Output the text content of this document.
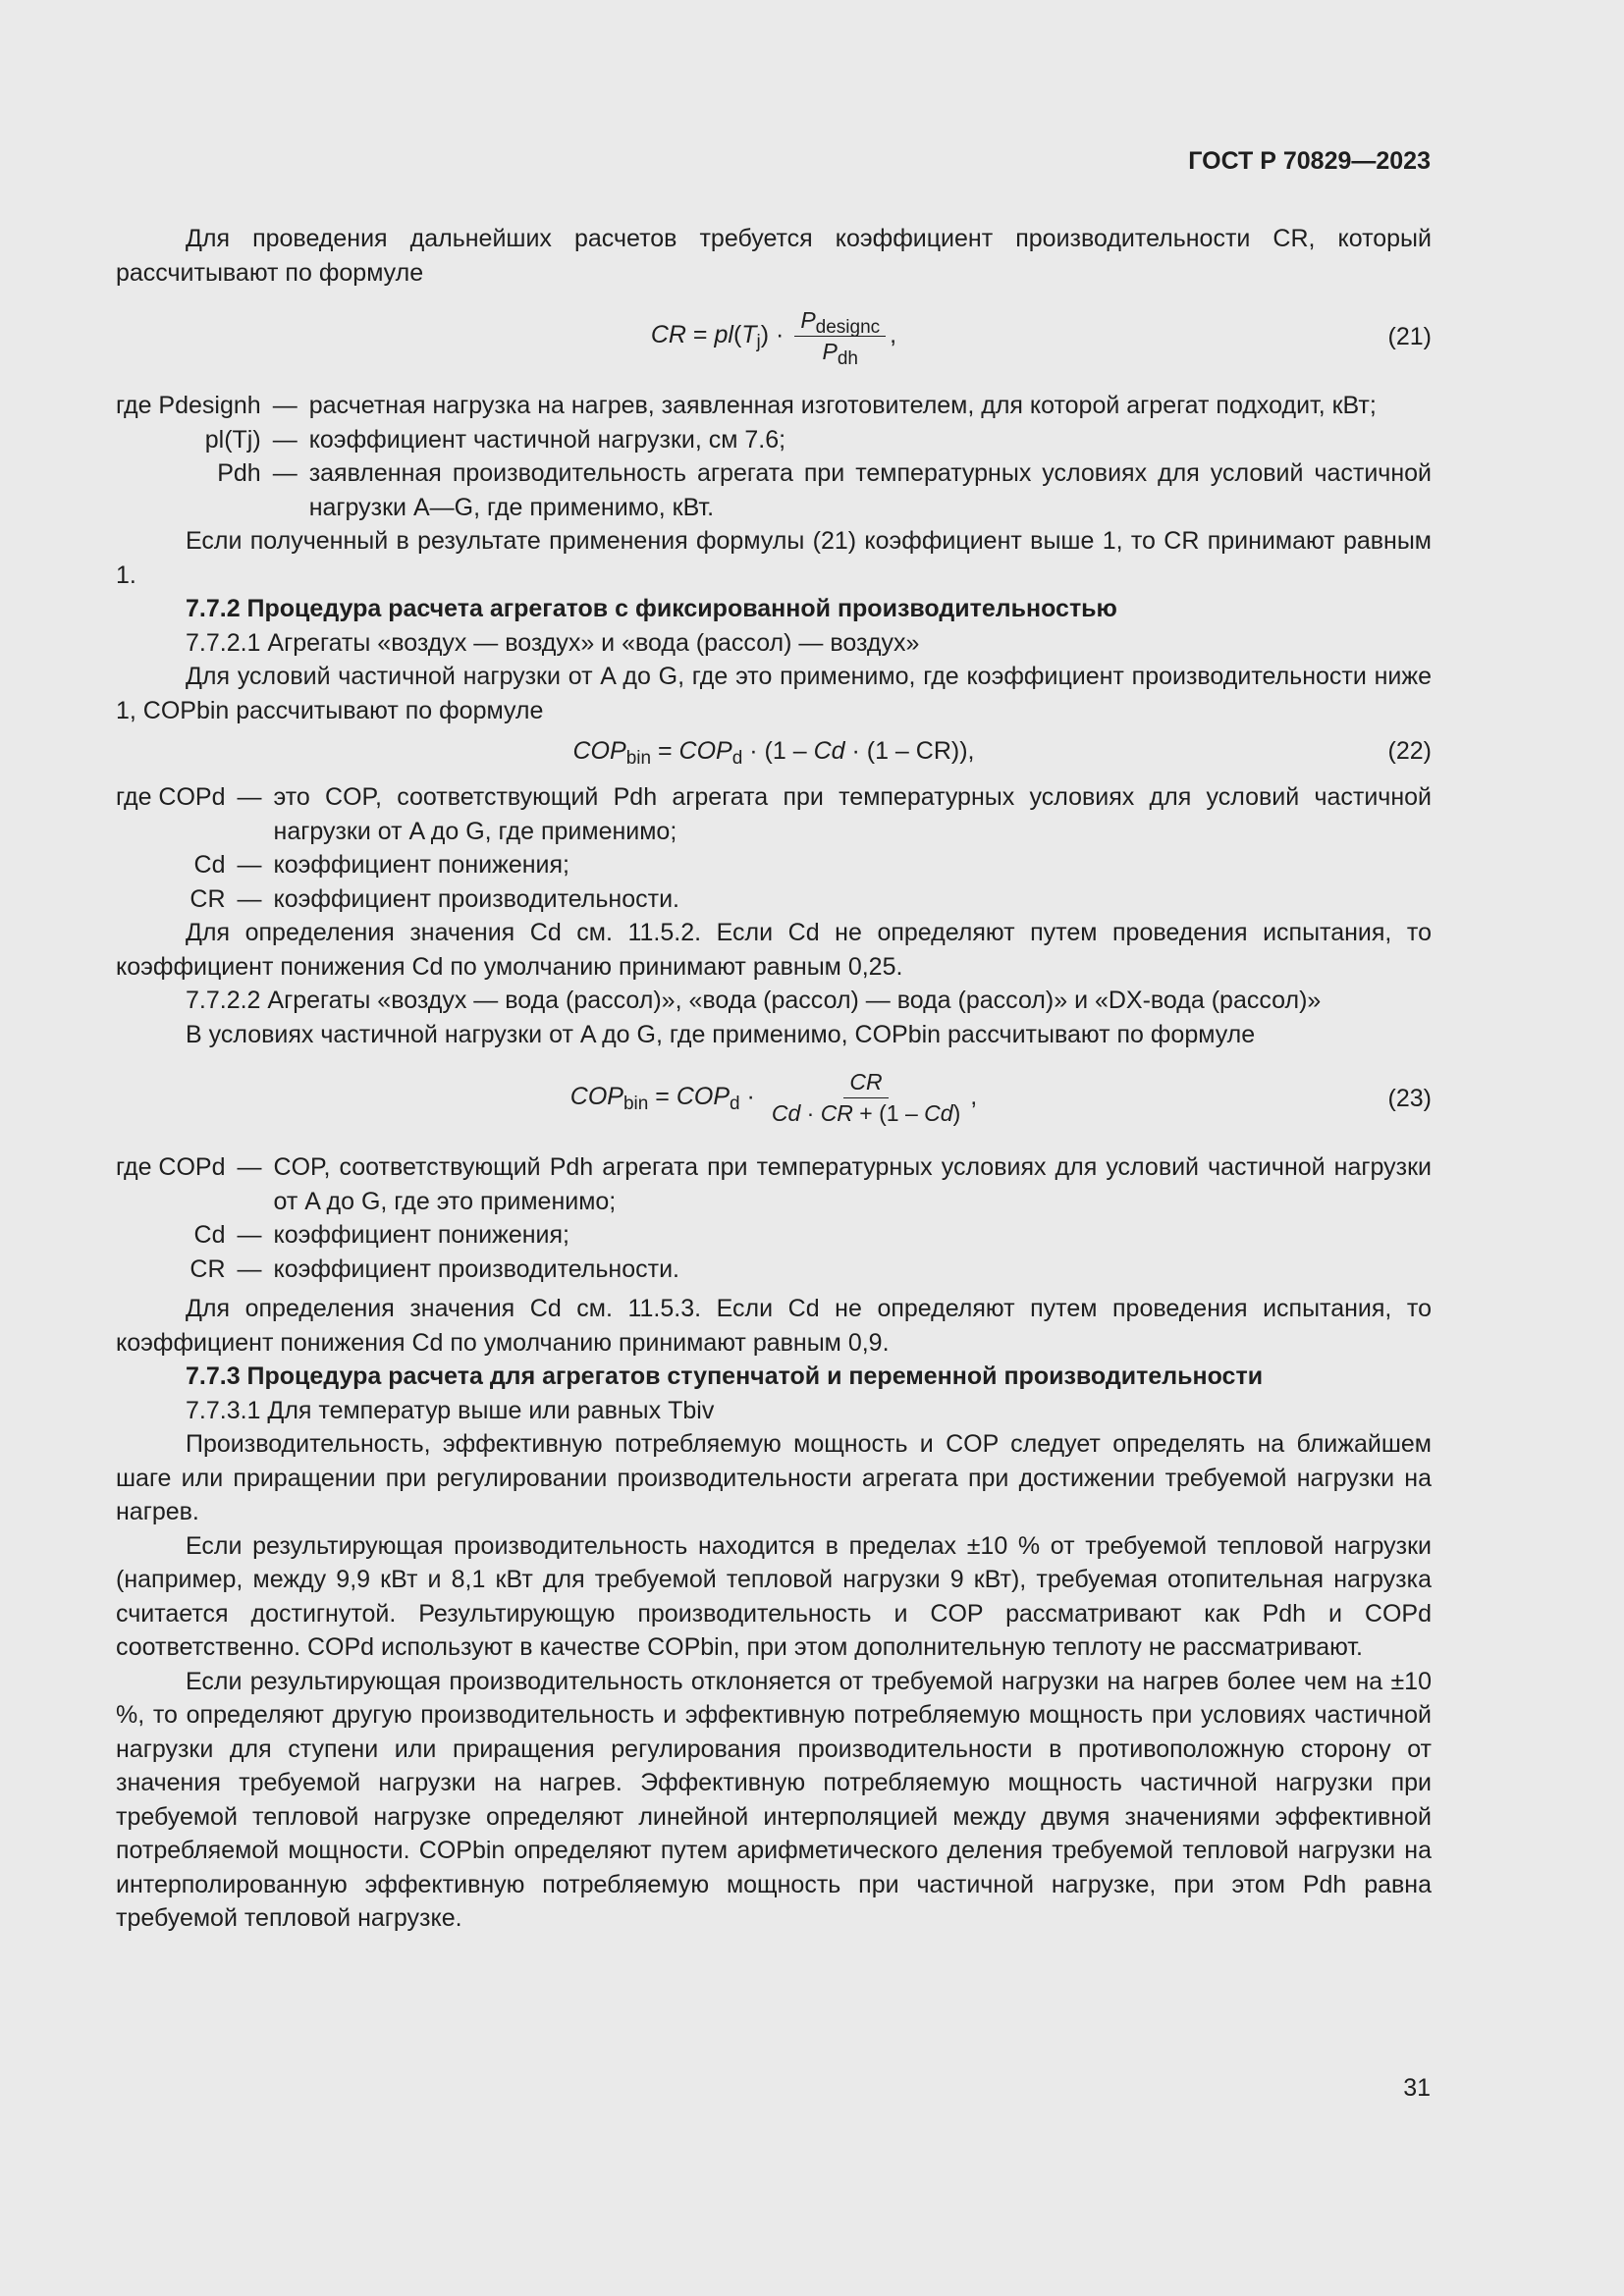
ГОСТ Р 70829—2023

Для проведения дальнейших расчетов требуется коэффициент производительности CR, который рассчитывают по формуле

CR = $pl(T_j) \cdot \frac{P_{designc}}{P_{dh}}$ ,	(21)
где Pdesignh	—	расчетная нагрузка на нагрев, заявленная изготовителем, для которой агрегат подходит, кВт;
pl(Tj)	—	коэффициент частичной нагрузки, см 7.6;
Pdh	—	заявленная производительность агрегата при температурных условиях для условий частичной нагрузки A—G, где применимо, кВт.

Если полученный в результате применения формулы (21) коэффициент выше 1, то CR принимают равным 1.

7.7.2 Процедура расчета агрегатов с фиксированной производительностью

7.7.2.1 Агрегаты «воздух — воздух» и «вода (рассол) — воздух»

Для условий частичной нагрузки от A до G, где это применимо, где коэффициент производительности ниже 1, COPbin рассчитывают по формуле

$COP_{bin} = COP_d \cdot (1 - Cd \cdot (1 - CR))$,	(22)
где COPd	—	это COP, соответствующий Pdh агрегата при температурных условиях для условий частичной нагрузки от A до G, где применимо;
Cd	—	коэффициент понижения;
CR	—	коэффициент производительности.

Для определения значения Cd см. 11.5.2. Если Cd не определяют путем проведения испытания, то коэффициент понижения Cd по умолчанию принимают равным 0,25.

7.7.2.2 Агрегаты «воздух — вода (рассол)», «вода (рассол) — вода (рассол)» и «DX-вода (рассол)»

В условиях частичной нагрузки от A до G, где применимо, COPbin рассчитывают по формуле

$COP_{bin} = COP_d \cdot \frac{CR}{Cd \cdot CR + (1 - Cd)}$ ,	(23)
где COPd	—	COP, соответствующий Pdh агрегата при температурных условиях для условий частичной нагрузки от A до G, где это применимо;
Cd	—	коэффициент понижения;
CR	—	коэффициент производительности.

Для определения значения Cd см. 11.5.3. Если Cd не определяют путем проведения испытания, то коэффициент понижения Cd по умолчанию принимают равным 0,9.

7.7.3 Процедура расчета для агрегатов ступенчатой и переменной производительности

7.7.3.1 Для температур выше или равных Tbiv

Производительность, эффективную потребляемую мощность и COP следует определять на ближайшем шаге или приращении при регулировании производительности агрегата при достижении требуемой нагрузки на нагрев.

Если результирующая производительность находится в пределах ±10 % от требуемой тепловой нагрузки (например, между 9,9 кВт и 8,1 кВт для требуемой тепловой нагрузки 9 кВт), требуемая отопительная нагрузка считается достигнутой. Результирующую производительность и COP рассматривают как Pdh и COPd соответственно. COPd используют в качестве COPbin, при этом дополнительную теплоту не рассматривают.

Если результирующая производительность отклоняется от требуемой нагрузки на нагрев более чем на ±10 %, то определяют другую производительность и эффективную потребляемую мощность при условиях частичной нагрузки для ступени или приращения регулирования производительности в противоположную сторону от значения требуемой нагрузки на нагрев. Эффективную потребляемую мощность частичной нагрузки при требуемой тепловой нагрузке определяют линейной интерполяцией между двумя значениями эффективной потребляемой мощности. COPbin определяют путем арифметического деления требуемой тепловой нагрузки на интерполированную эффективную потребляемую мощность при частичной нагрузке, при этом Pdh равна требуемой тепловой нагрузке.

31
